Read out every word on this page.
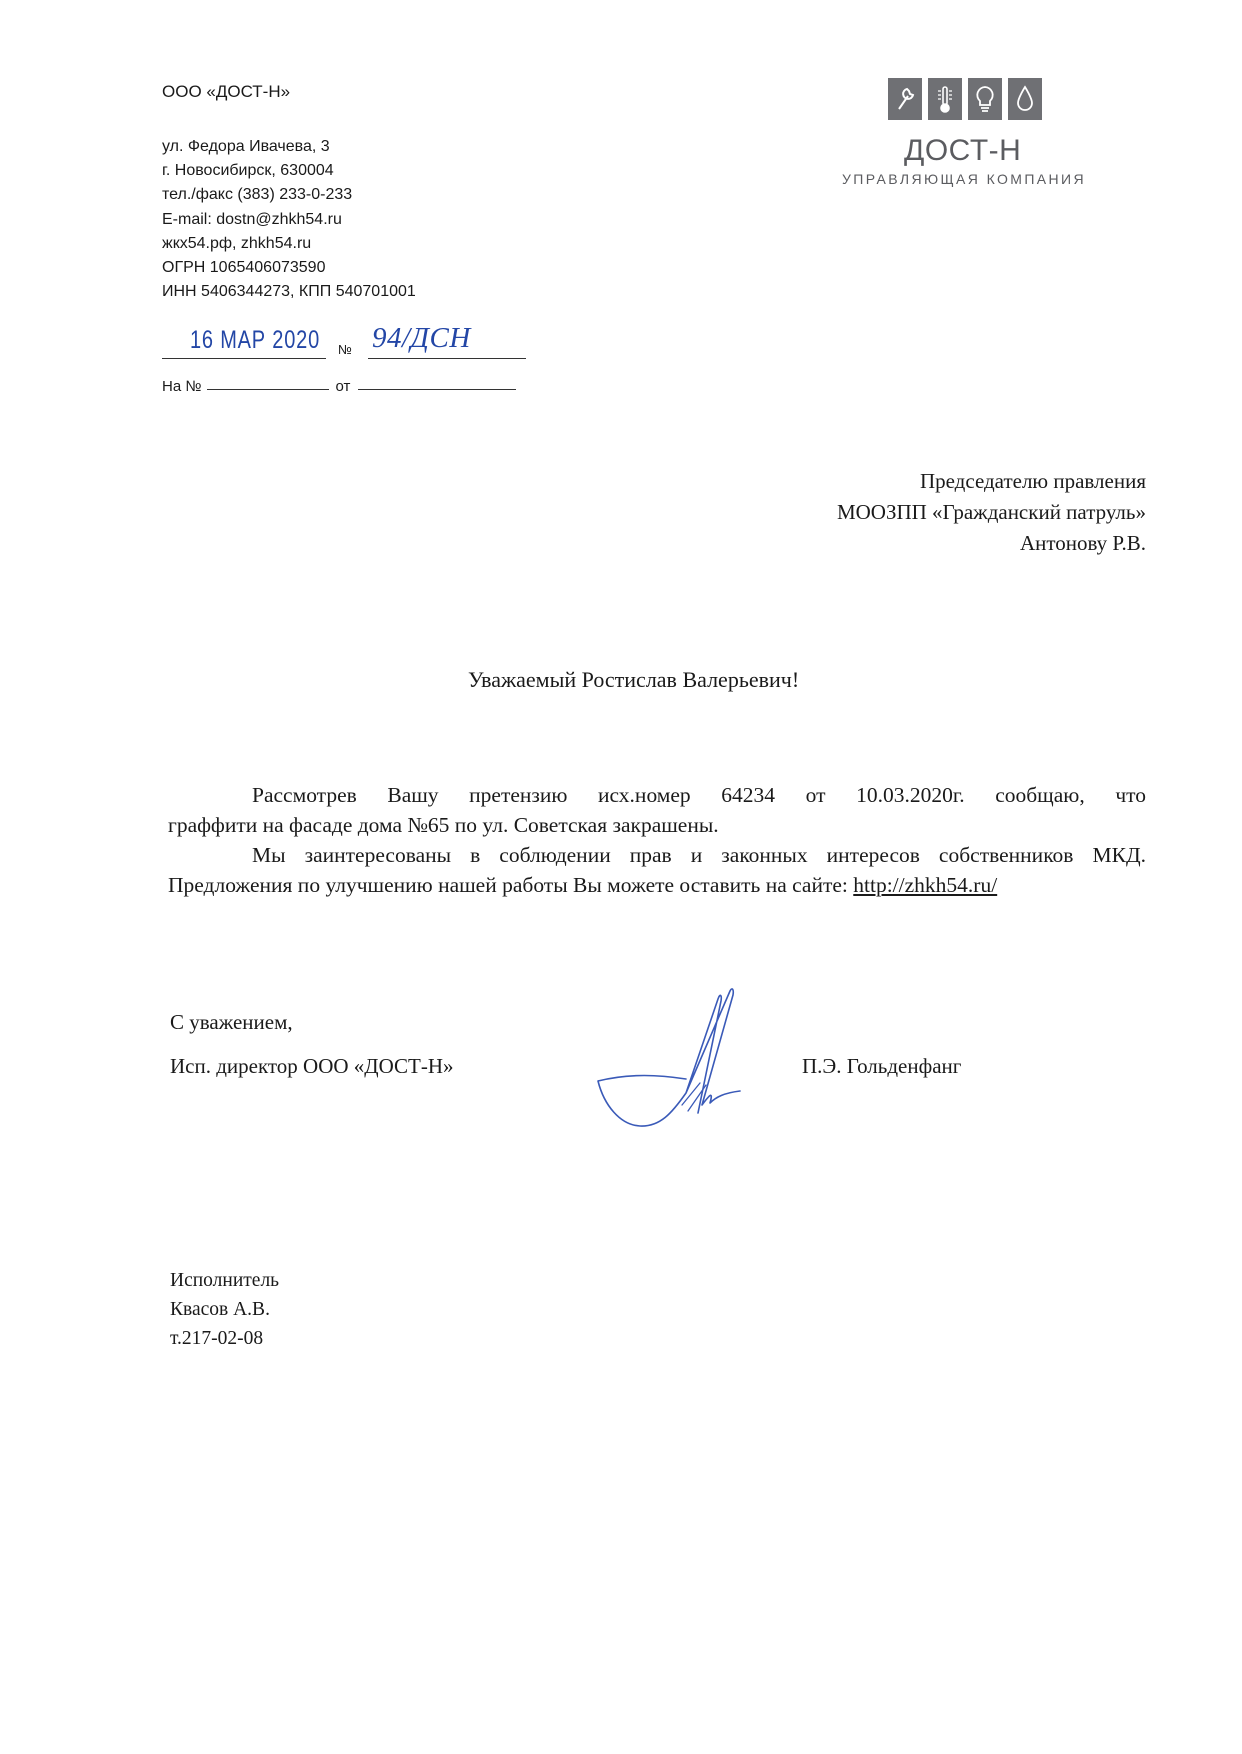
ООО «ДОСТ-Н»
ул. Федора Ивачева, 3
г. Новосибирск, 630004
тел./факс (383) 233-0-233
E-mail: dostn@zhkh54.ru
жкх54.рф, zhkh54.ru
ОГРН 1065406073590
ИНН 5406344273, КПП 540701001
16 МАР 2020 № 94/ДСН
На №	от
ДОСТ-Н
УПРАВЛЯЮЩАЯ КОМПАНИЯ
Председателю правления
МООЗПП «Гражданский патруль»
Антонову Р.В.
Уважаемый Ростислав Валерьевич!

Рассмотрев Вашу претензию исх.номер 64234 от 10.03.2020г. сообщаю, что

граффити на фасаде дома №65 по ул. Советская закрашены.

Мы заинтересованы в соблюдении прав и законных интересов собственников МКД.

Предложения по улучшению нашей работы Вы можете оставить на сайте: http://zhkh54.ru/

С уважением,
Исп. директор ООО «ДОСТ-Н»	П.Э. Гольденфанг
Исполнитель
Квасов А.В.
т.217-02-08
